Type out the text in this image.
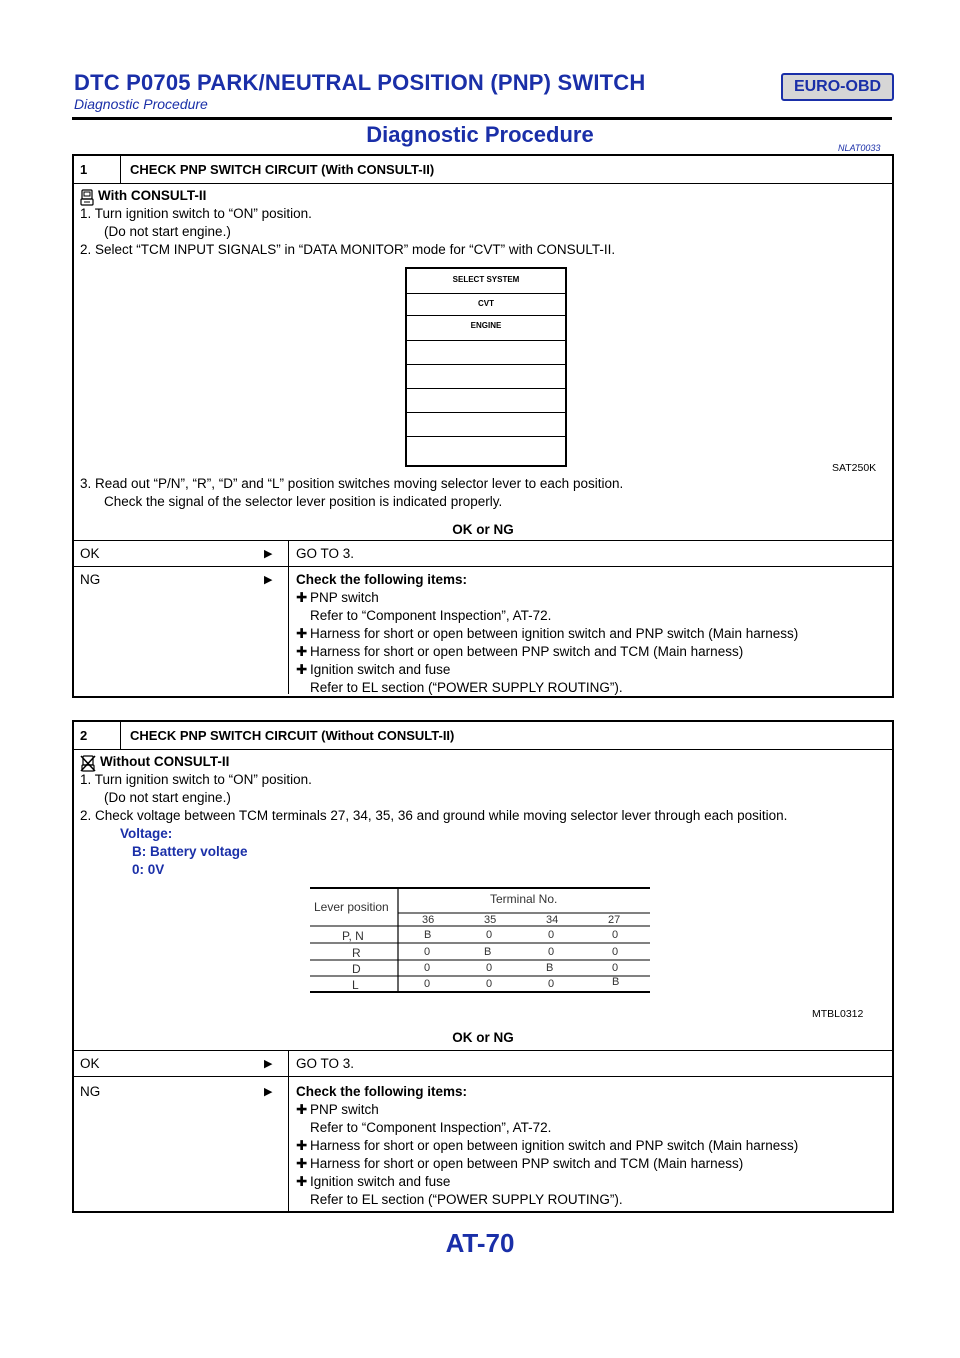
DTC P0705 PARK/NEUTRAL POSITION (PNP) SWITCH	EURO-OBD
Diagnostic Procedure
Diagnostic Procedure
NLAT0033
1	CHECK PNP SWITCH CIRCUIT (With CONSULT-II)
With CONSULT-II
1. Turn ignition switch to “ON” position.
(Do not start engine.)
2. Select “TCM INPUT SIGNALS” in “DATA MONITOR” mode for “CVT” with CONSULT-II.
SAT250K
3. Read out “P/N”, “R”, “D” and “L” position switches moving selector lever to each position.
Check the signal of the selector lever position is indicated properly.
OK or NG
OK	▶ GO TO 3.
NG	▶ Check the following items:
✚ PNP switch
Refer to “Component Inspection”, AT-72.
✚ Harness for short or open between ignition switch and PNP switch (Main harness)
✚ Harness for short or open between PNP switch and TCM (Main harness)
✚ Ignition switch and fuse
Refer to EL section (“POWER SUPPLY ROUTING”).
SELECT SYSTEM
CVT
ENGINE
2	CHECK PNP SWITCH CIRCUIT (Without CONSULT-II)
Without CONSULT-II
1. Turn ignition switch to “ON” position.
(Do not start engine.)
2. Check voltage between TCM terminals 27, 34, 35, 36 and ground while moving selector lever through each position.
Voltage:
B: Battery voltage
0: 0V
MTBL0312
OK or NG
OK	▶ GO TO 3.
NG	▶ Check the following items:
✚ PNP switch
Refer to “Component Inspection”, AT-72.
✚ Harness for short or open between ignition switch and PNP switch (Main harness)
✚ Harness for short or open between PNP switch and TCM (Main harness)
✚ Ignition switch and fuse
Refer to EL section (“POWER SUPPLY ROUTING”).
Lever position
Terminal No.
36	35	34	27
P, N	B	0	0	0
R	0	B	0	0
D	0	0	B	0
L	0	0	0	B
AT-70
